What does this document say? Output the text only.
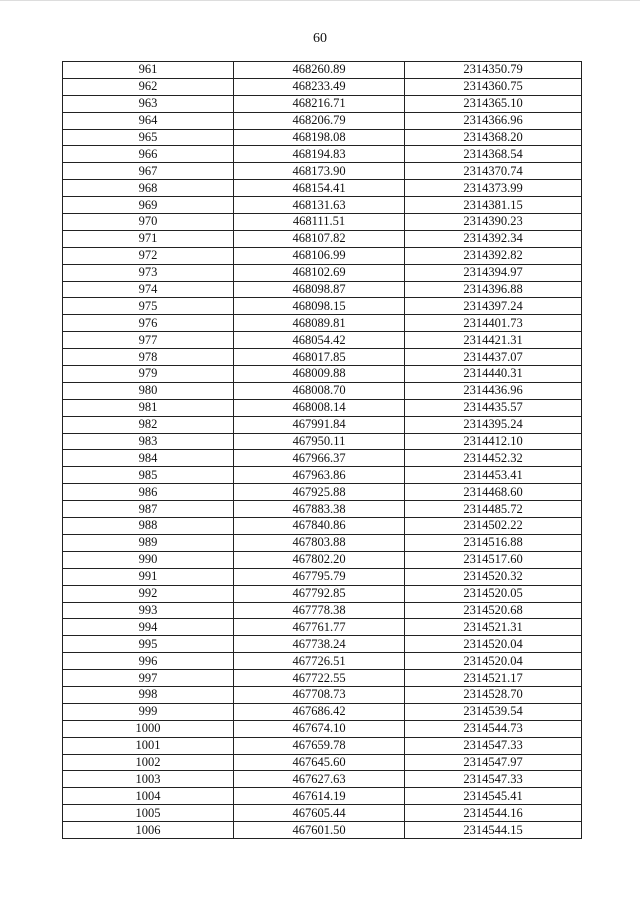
60
961	468260.89	2314350.79
962	468233.49	2314360.75
963	468216.71	2314365.10
964	468206.79	2314366.96
965	468198.08	2314368.20
966	468194.83	2314368.54
967	468173.90	2314370.74
968	468154.41	2314373.99
969	468131.63	2314381.15
970	468111.51	2314390.23
971	468107.82	2314392.34
972	468106.99	2314392.82
973	468102.69	2314394.97
974	468098.87	2314396.88
975	468098.15	2314397.24
976	468089.81	2314401.73
977	468054.42	2314421.31
978	468017.85	2314437.07
979	468009.88	2314440.31
980	468008.70	2314436.96
981	468008.14	2314435.57
982	467991.84	2314395.24
983	467950.11	2314412.10
984	467966.37	2314452.32
985	467963.86	2314453.41
986	467925.88	2314468.60
987	467883.38	2314485.72
988	467840.86	2314502.22
989	467803.88	2314516.88
990	467802.20	2314517.60
991	467795.79	2314520.32
992	467792.85	2314520.05
993	467778.38	2314520.68
994	467761.77	2314521.31
995	467738.24	2314520.04
996	467726.51	2314520.04
997	467722.55	2314521.17
998	467708.73	2314528.70
999	467686.42	2314539.54
1000	467674.10	2314544.73
1001	467659.78	2314547.33
1002	467645.60	2314547.97
1003	467627.63	2314547.33
1004	467614.19	2314545.41
1005	467605.44	2314544.16
1006	467601.50	2314544.15
